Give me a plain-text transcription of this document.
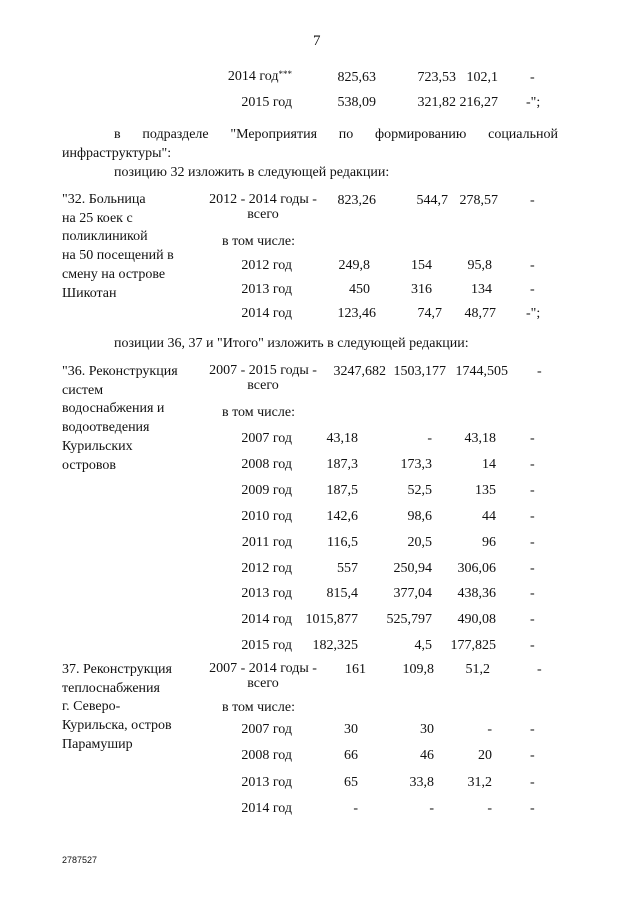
7
2014 год***	825,63	723,53 102,1 -
2015 год	538,09	321,82 216,27 -";
в подразделе "Мероприятия по формированию социальной
инфраструктуры":
позицию 32 изложить в следующей редакции:
"32. Больница
на 25 коек с
поликлиникой
на 50 посещений в
смену на острове
Шикотан
2012 - 2014 годы -
всего
823,26	544,7 278,57 -
в том числе:
2012 год	249,8	154	95,8	-
2013 год	450	316	134	-
2014 год	123,46	74,7	48,77 -";
позиции 36, 37 и "Итого" изложить в следующей редакции:
"36. Реконструкция
систем
водоснабжения и
водоотведения
Курильских
островов
2007 - 2015 годы -
всего
3247,682 1503,177 1744,505 -
в том числе:
2007 год	43,18	-	43,18 -
2008 год	187,3	173,3	14 -
2009 год	187,5	52,5	135 -
2010 год	142,6	98,6	44 -
2011 год	116,5	20,5	96 -
2012 год	557	250,94	306,06 -
2013 год	815,4	377,04	438,36 -
2014 год 1015,877	525,797	490,08 -
2015 год	182,325	4,5	177,825 -
37. Реконструкция
теплоснабжения
г. Северо-
Курильска, остров
Парамушир
2007 - 2014 годы -
всего
161	109,8	51,2	-
в том числе:
2007 год	30	30	-	-
2008 год	66	46	20	-
2013 год	65	33,8	31,2	-
2014 год	-	-	-	-
2787527
